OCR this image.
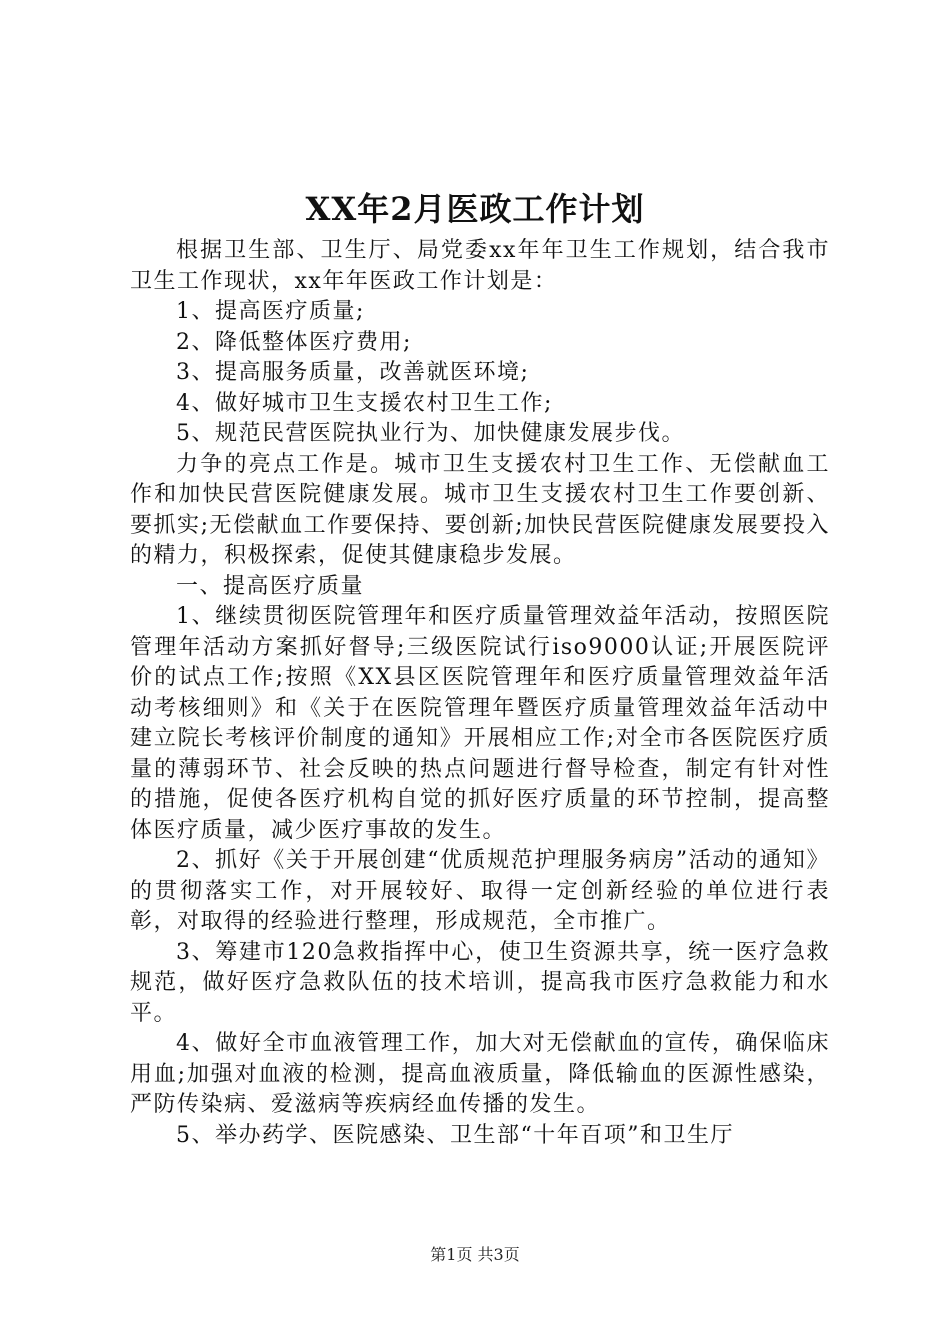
XX年2月医政工作计划

根据卫生部、卫生厅、局党委xx年年卫生工作规划，结合我市卫生工作现状，xx年年医政工作计划是：

1、提高医疗质量;

2、降低整体医疗费用;

3、提高服务质量，改善就医环境;

4、做好城市卫生支援农村卫生工作;

5、规范民营医院执业行为、加快健康发展步伐。

力争的亮点工作是。城市卫生支援农村卫生工作、无偿献血工作和加快民营医院健康发展。城市卫生支援农村卫生工作要创新、要抓实;无偿献血工作要保持、要创新;加快民营医院健康发展要投入的精力，积极探索，促使其健康稳步发展。

一、提高医疗质量

1、继续贯彻医院管理年和医疗质量管理效益年活动，按照医院管理年活动方案抓好督导;三级医院试行iso9000认证;开展医院评价的试点工作;按照《XX县区医院管理年和医疗质量管理效益年活动考核细则》和《关于在医院管理年暨医疗质量管理效益年活动中建立院长考核评价制度的通知》开展相应工作;对全市各医院医疗质量的薄弱环节、社会反映的热点问题进行督导检查，制定有针对性的措施，促使各医疗机构自觉的抓好医疗质量的环节控制，提高整体医疗质量，减少医疗事故的发生。

2、抓好《关于开展创建“优质规范护理服务病房”活动的通知》的贯彻落实工作，对开展较好、取得一定创新经验的单位进行表彰，对取得的经验进行整理，形成规范，全市推广。

3、筹建市120急救指挥中心，使卫生资源共享，统一医疗急救规范，做好医疗急救队伍的技术培训，提高我市医疗急救能力和水平。

4、做好全市血液管理工作，加大对无偿献血的宣传，确保临床用血;加强对血液的检测，提高血液质量，降低输血的医源性感染，严防传染病、爱滋病等疾病经血传播的发生。

5、举办药学、医院感染、卫生部“十年百项”和卫生厅

第1页 共3页
